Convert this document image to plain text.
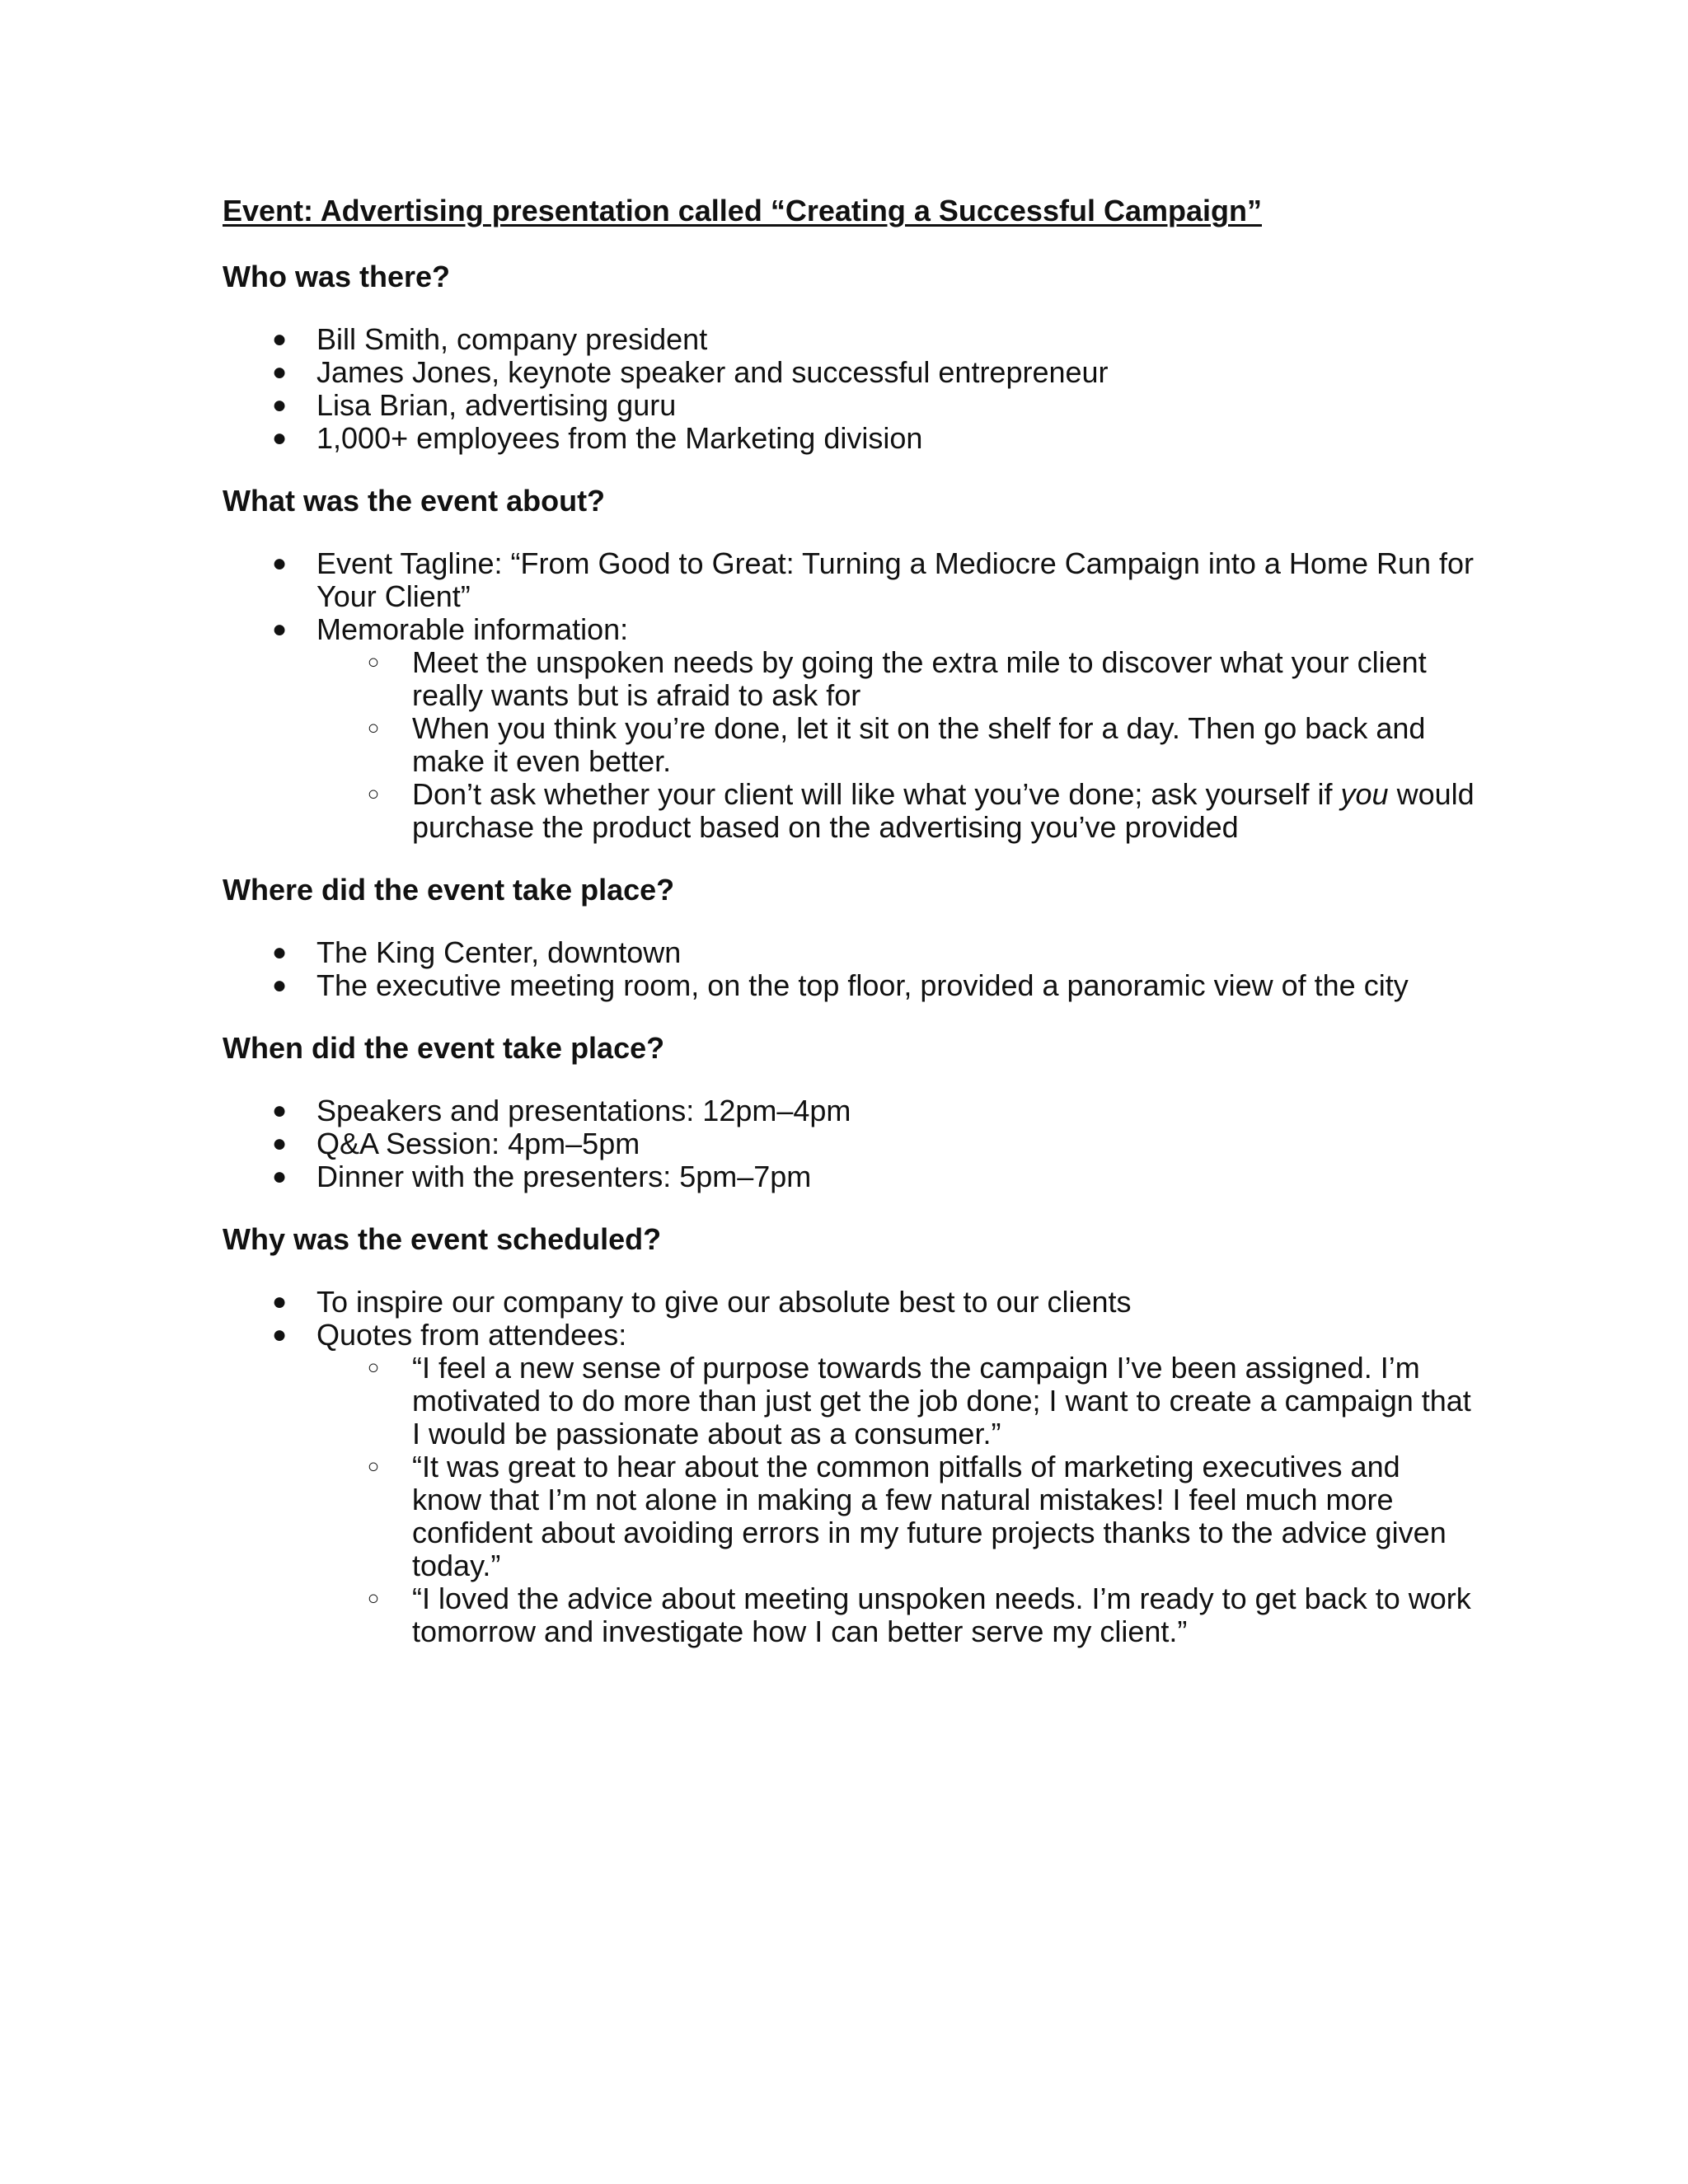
Event: Advertising presentation called “Creating a Successful Campaign”
Who was there?
● Bill Smith, company president
● James Jones, keynote speaker and successful entrepreneur
● Lisa Brian, advertising guru
● 1,000+ employees from the Marketing division
What was the event about?
● Event Tagline: “From Good to Great: Turning a Mediocre Campaign into a Home Run for Your Client”
● Memorable information:
○ Meet the unspoken needs by going the extra mile to discover what your client really wants but is afraid to ask for
○ When you think you’re done, let it sit on the shelf for a day. Then go back and make it even better.
○ Don’t ask whether your client will like what you’ve done; ask yourself if you would purchase the product based on the advertising you’ve provided
Where did the event take place?
● The King Center, downtown
● The executive meeting room, on the top floor, provided a panoramic view of the city
When did the event take place?
● Speakers and presentations: 12pm–4pm
● Q&A Session: 4pm–5pm
● Dinner with the presenters: 5pm–7pm
Why was the event scheduled?
● To inspire our company to give our absolute best to our clients
● Quotes from attendees:
○ “I feel a new sense of purpose towards the campaign I’ve been assigned. I’m motivated to do more than just get the job done; I want to create a campaign that I would be passionate about as a consumer.”
○ “It was great to hear about the common pitfalls of marketing executives and know that I’m not alone in making a few natural mistakes! I feel much more confident about avoiding errors in my future projects thanks to the advice given today.”
○ “I loved the advice about meeting unspoken needs. I’m ready to get back to work tomorrow and investigate how I can better serve my client.”
